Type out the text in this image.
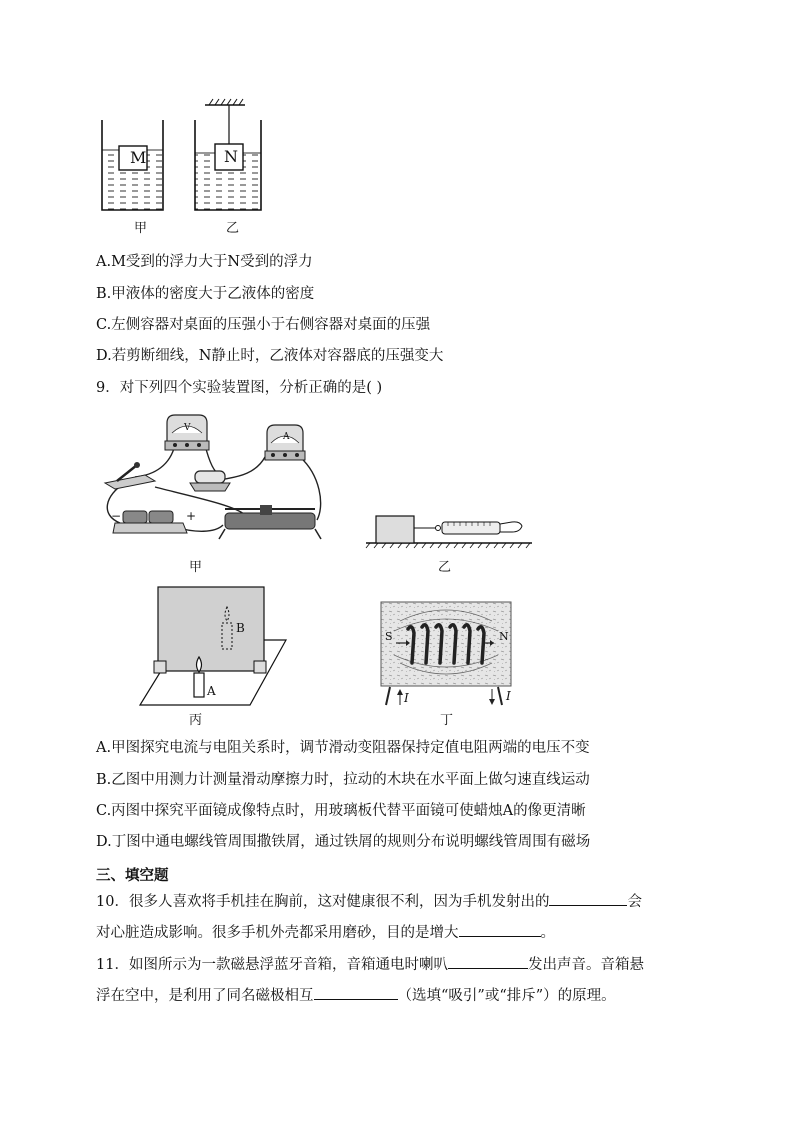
M	N
甲	乙
A.M受到的浮力大于N受到的浮力
B.甲液体的密度大于乙液体的密度
C.左侧容器对桌面的压强小于右侧容器对桌面的压强
D.若剪断细线，N静止时，乙液体对容器底的压强变大
9．对下列四个实验装置图，分析正确的是( )
V
A
−	+
甲	乙
B
A
丙
S	N
I	I
丁
A.甲图探究电流与电阻关系时，调节滑动变阻器保持定值电阻两端的电压不变
B.乙图中用测力计测量滑动摩擦力时，拉动的木块在水平面上做匀速直线运动
C.丙图中探究平面镜成像特点时，用玻璃板代替平面镜可使蜡烛A的像更清晰
D.丁图中通电螺线管周围撒铁屑，通过铁屑的规则分布说明螺线管周围有磁场
三、填空题
10．很多人喜欢将手机挂在胸前，这对健康很不利，因为手机发射出的	会
对心脏造成影响。很多手机外壳都采用磨砂，目的是增大	。
11．如图所示为一款磁悬浮蓝牙音箱，音箱通电时喇叭	发出声音。音箱悬
浮在空中，是利用了同名磁极相互	（选填“吸引”或“排斥”）的原理。
